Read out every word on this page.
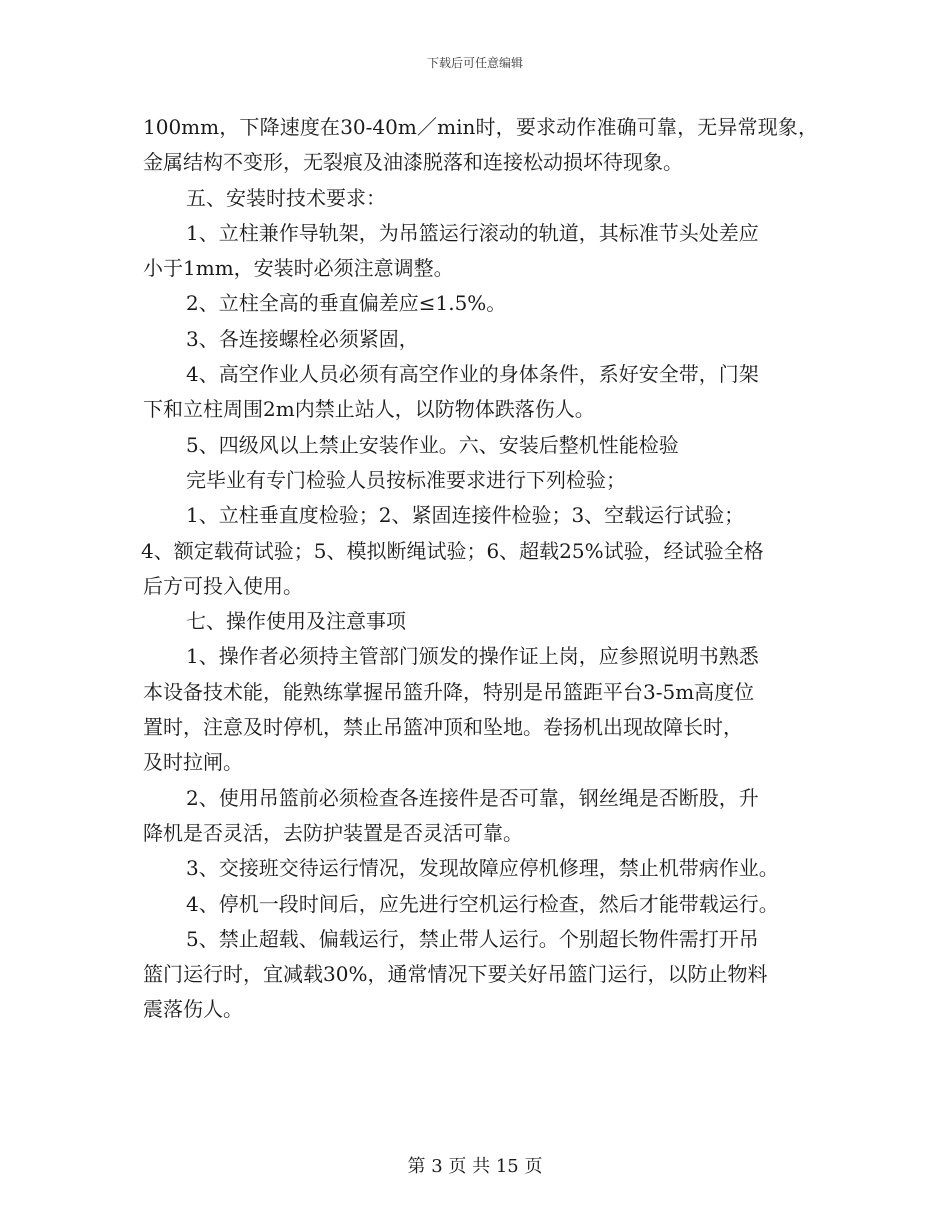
下载后可任意编辑
100mm，下降速度在30-40m／min时，要求动作准确可靠，无异常现象，
金属结构不变形，无裂痕及油漆脱落和连接松动损坏待现象。
五、安装时技术要求：
1、立柱兼作导轨架，为吊篮运行滚动的轨道，其标准节头处差应
小于1mm，安装时必须注意调整。
2、立柱全高的垂直偏差应≤1.5%。
3、各连接螺栓必须紧固，
4、高空作业人员必须有高空作业的身体条件，系好安全带，门架
下和立柱周围2m内禁止站人，以防物体跌落伤人。
5、四级风以上禁止安装作业。六、安装后整机性能检验
完毕业有专门检验人员按标准要求进行下列检验；
1、立柱垂直度检验；2、紧固连接件检验；3、空载运行试验；
4、额定载荷试验；5、模拟断绳试验；6、超载25%试验，经试验全格
后方可投入使用。
七、操作使用及注意事项
1、操作者必须持主管部门颁发的操作证上岗，应参照说明书熟悉
本设备技术能，能熟练掌握吊篮升降，特别是吊篮距平台3-5m高度位
置时，注意及时停机，禁止吊篮冲顶和坠地。卷扬机出现故障长时，
及时拉闸。
2、使用吊篮前必须检查各连接件是否可靠，钢丝绳是否断股，升
降机是否灵活，去防护装置是否灵活可靠。
3、交接班交待运行情况，发现故障应停机修理，禁止机带病作业。
4、停机一段时间后，应先进行空机运行检查，然后才能带载运行。
5、禁止超载、偏载运行，禁止带人运行。个别超长物件需打开吊
篮门运行时，宜减载30%，通常情况下要关好吊篮门运行，以防止物料
震落伤人。
第 3 页 共 15 页
